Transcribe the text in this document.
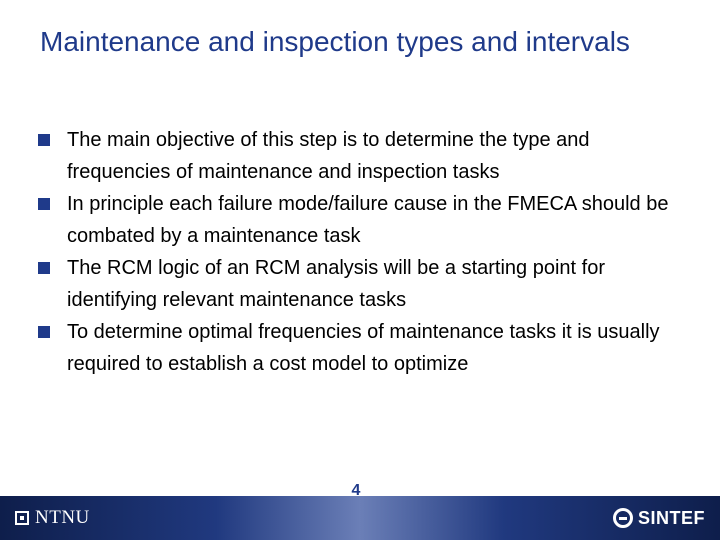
Maintenance and inspection types and intervals
The main objective of this step is to determine the type and frequencies of maintenance and inspection tasks
In principle each failure mode/failure cause in the FMECA should be combated by a maintenance task
The RCM logic of an RCM analysis will be a starting point for identifying relevant maintenance tasks
To determine optimal frequencies of maintenance tasks it is usually required to establish a cost model to optimize
NTNU	SINTEF
4
